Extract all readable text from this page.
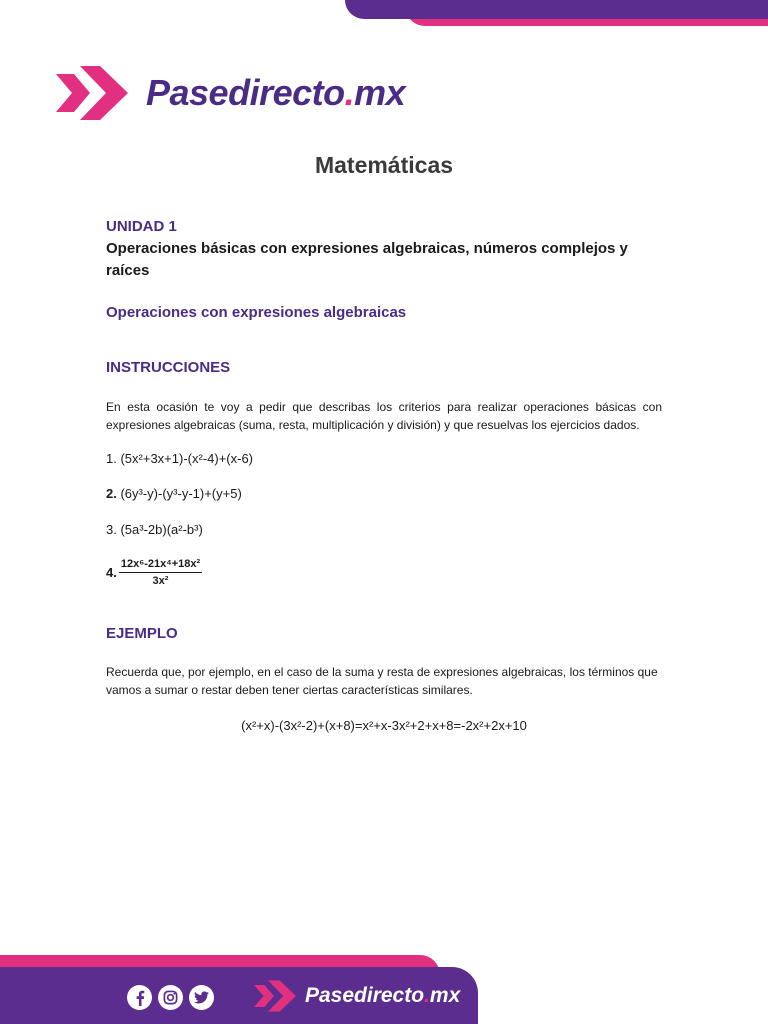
Pasedirecto.mx
Matemáticas
UNIDAD 1
Operaciones básicas con expresiones algebraicas, números complejos y raíces
Operaciones con expresiones algebraicas
INSTRUCCIONES
En esta ocasión te voy a pedir que describas los criterios para realizar operaciones básicas con expresiones algebraicas (suma, resta, multiplicación y división) y que resuelvas los ejercicios dados.
1. (5x²+3x+1)-(x²-4)+(x-6)
2. (6y³-y)-(y³-y-1)+(y+5)
3. (5a³-2b)(a²-b³)
4. $\frac{\text{12x⁶-21x⁴+18x²}}{\text{3x²}}$
EJEMPLO
Recuerda que, por ejemplo, en el caso de la suma y resta de expresiones algebraicas, los términos que vamos a sumar o restar deben tener ciertas características similares.
(x²+x)-(3x²-2)+(x+8)=x²+x-3x²+2+x+8=-2x²+2x+10
Pasedirecto.mx
